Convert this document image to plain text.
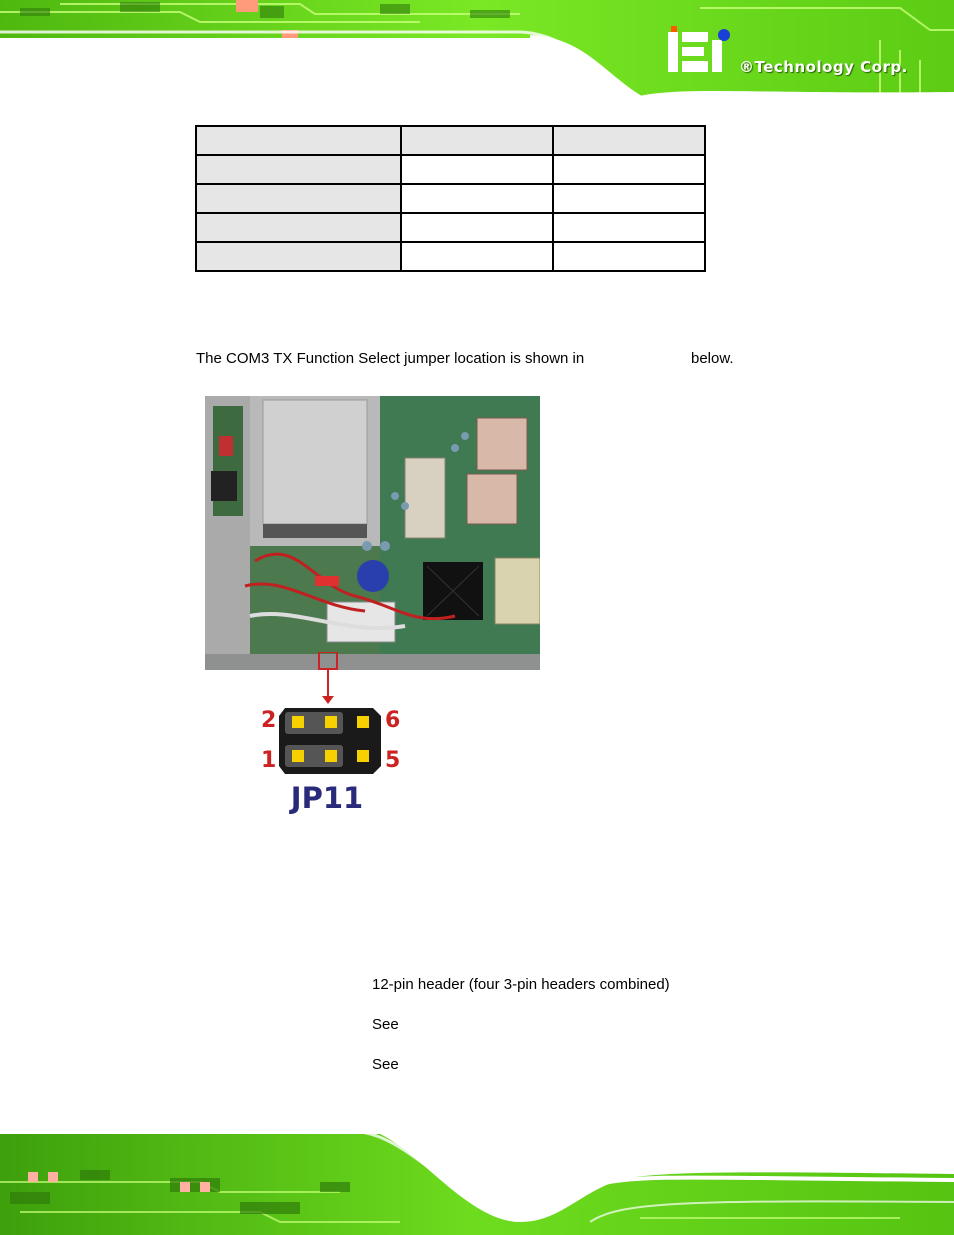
®Technology Corp.

The COM3 TX Function Select jumper location is shown in	below.
2
1
6
5
JP11
12-pin header (four 3-pin headers combined)
See
See
